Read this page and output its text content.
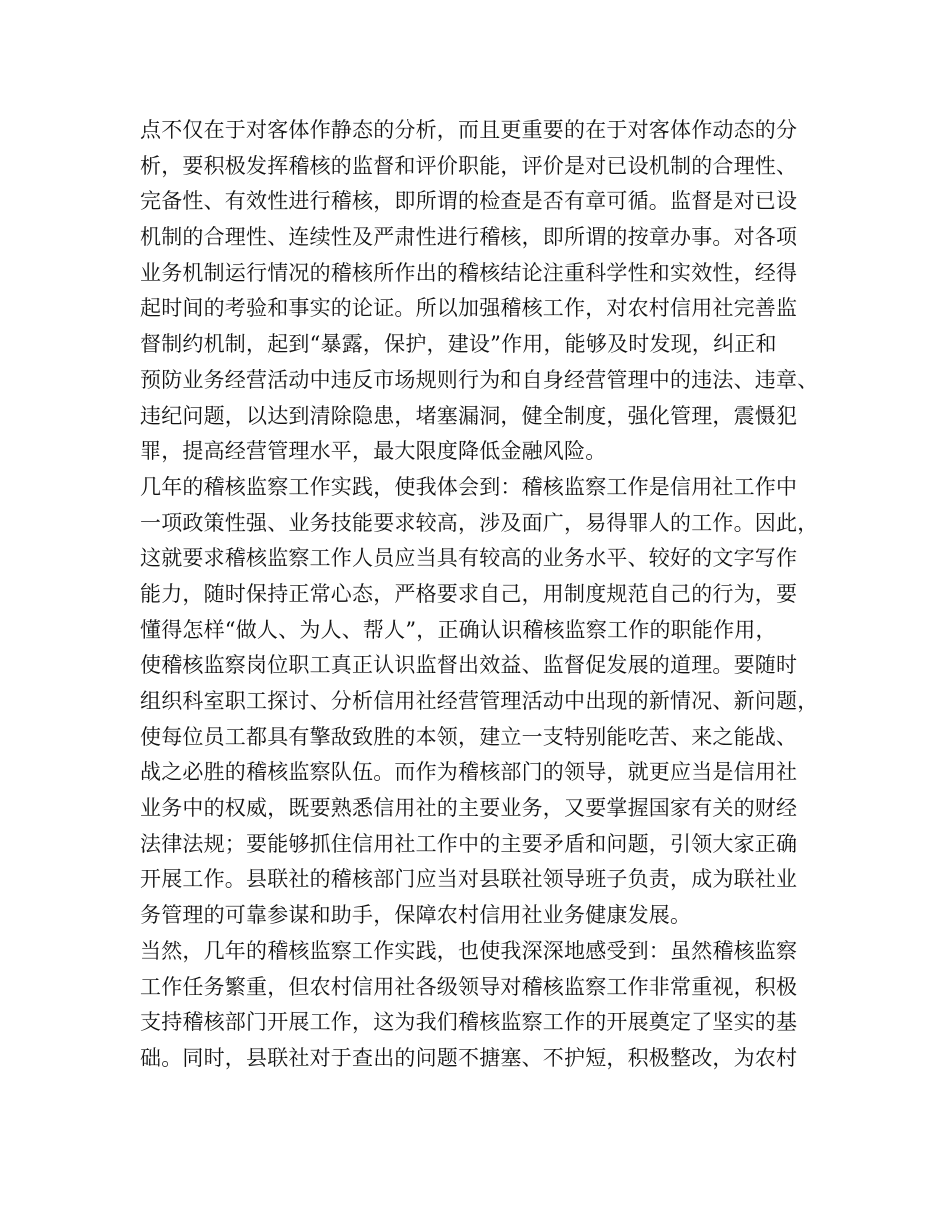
点不仅在于对客体作静态的分析，而且更重要的在于对客体作动态的分
析，要积极发挥稽核的监督和评价职能，评价是对已设机制的合理性、
完备性、有效性进行稽核，即所谓的检查是否有章可循。监督是对已设
机制的合理性、连续性及严肃性进行稽核，即所谓的按章办事。对各项
业务机制运行情况的稽核所作出的稽核结论注重科学性和实效性，经得
起时间的考验和事实的论证。所以加强稽核工作，对农村信用社完善监
督制约机制，起到“暴露，保护，建设”作用，能够及时发现，纠正和
预防业务经营活动中违反市场规则行为和自身经营管理中的违法、违章、
违纪问题，以达到清除隐患，堵塞漏洞，健全制度，强化管理，震慑犯
罪，提高经营管理水平，最大限度降低金融风险。
几年的稽核监察工作实践，使我体会到：稽核监察工作是信用社工作中
一项政策性强、业务技能要求较高，涉及面广，易得罪人的工作。因此，
这就要求稽核监察工作人员应当具有较高的业务水平、较好的文字写作
能力，随时保持正常心态，严格要求自己，用制度规范自己的行为，要
懂得怎样“做人、为人、帮人”，正确认识稽核监察工作的职能作用，
使稽核监察岗位职工真正认识监督出效益、监督促发展的道理。要随时
组织科室职工探讨、分析信用社经营管理活动中出现的新情况、新问题，
使每位员工都具有擎敌致胜的本领，建立一支特别能吃苦、来之能战、
战之必胜的稽核监察队伍。而作为稽核部门的领导，就更应当是信用社
业务中的权威，既要熟悉信用社的主要业务，又要掌握国家有关的财经
法律法规；要能够抓住信用社工作中的主要矛盾和问题，引领大家正确
开展工作。县联社的稽核部门应当对县联社领导班子负责，成为联社业
务管理的可靠参谋和助手，保障农村信用社业务健康发展。
当然，几年的稽核监察工作实践，也使我深深地感受到：虽然稽核监察
工作任务繁重，但农村信用社各级领导对稽核监察工作非常重视，积极
支持稽核部门开展工作，这为我们稽核监察工作的开展奠定了坚实的基
础。同时，县联社对于查出的问题不搪塞、不护短，积极整改，为农村
